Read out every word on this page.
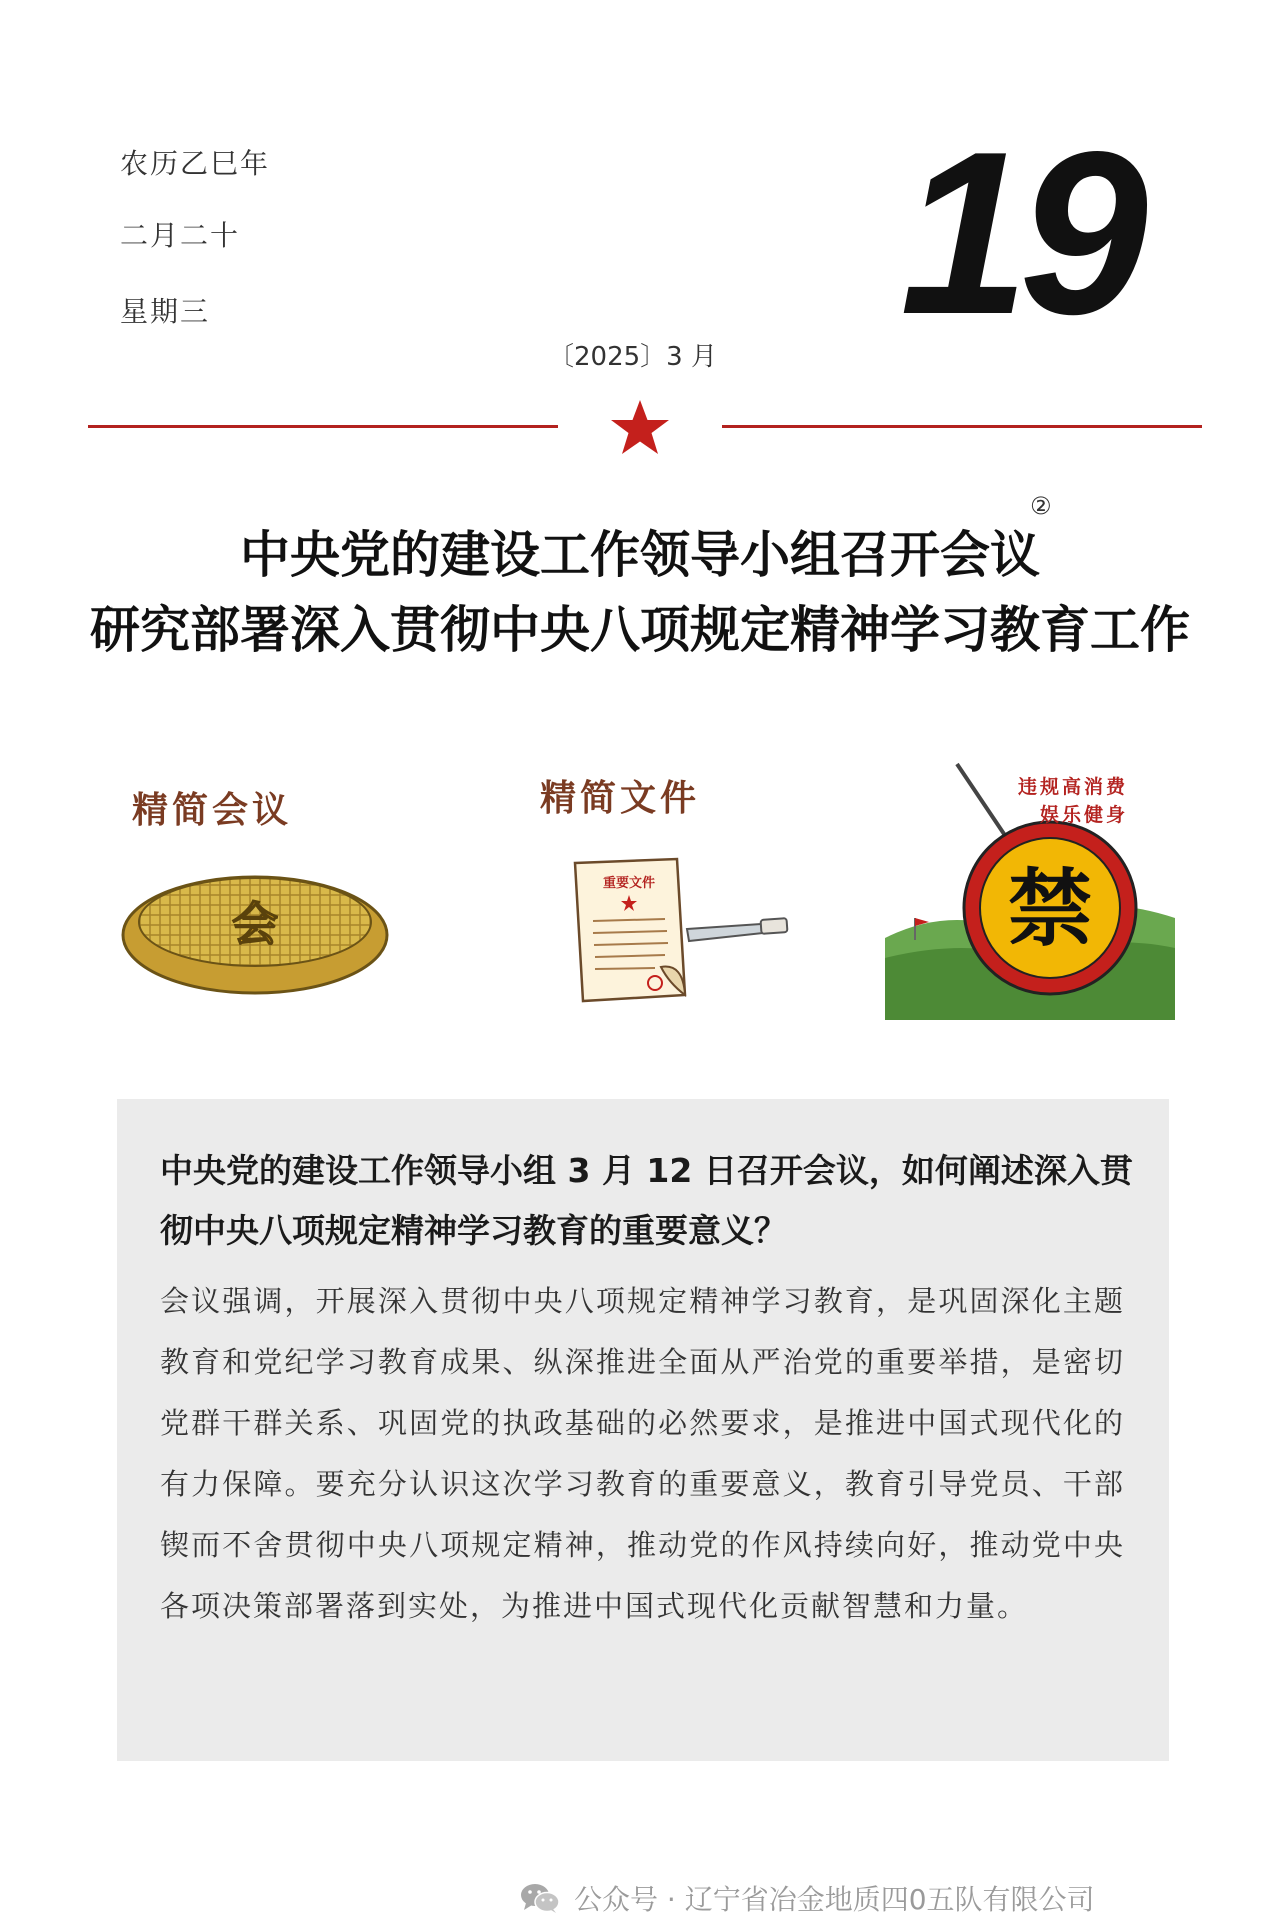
农历乙巳年
二月二十
星期三	19
〔2025〕3 月
中央党的建设工作领导小组召开会议
②
研究部署深入贯彻中央八项规定精神学习教育工作
精简会议
会
精简文件
重要文件	禁
违规高消费
娱乐健身
中央党的建设工作领导小组 3 月 12 日召开会议，如何阐述深入贯彻中央八项规定精神学习教育的重要意义？
会议强调，开展深入贯彻中央八项规定精神学习教育，是巩固深化主题教育和党纪学习教育成果、纵深推进全面从严治党的重要举措，是密切党群干群关系、巩固党的执政基础的必然要求，是推进中国式现代化的有力保障。要充分认识这次学习教育的重要意义，教育引导党员、干部锲而不舍贯彻中央八项规定精神，推动党的作风持续向好，推动党中央各项决策部署落到实处，为推进中国式现代化贡献智慧和力量。
公众号 · 辽宁省冶金地质四0五队有限公司
